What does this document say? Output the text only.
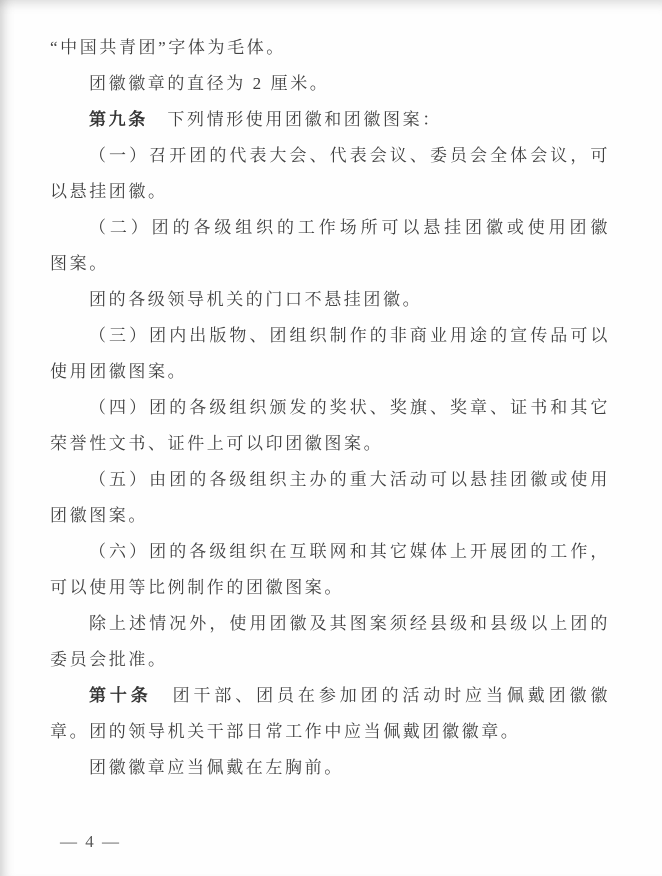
“中国共青团”字体为毛体。
团徽徽章的直径为 2 厘米。
第九条　下列情形使用团徽和团徽图案：
（一）召开团的代表大会、代表会议、委员会全体会议，可
以悬挂团徽。
（二）团的各级组织的工作场所可以悬挂团徽或使用团徽
图案。
团的各级领导机关的门口不悬挂团徽。
（三）团内出版物、团组织制作的非商业用途的宣传品可以
使用团徽图案。
（四）团的各级组织颁发的奖状、奖旗、奖章、证书和其它
荣誉性文书、证件上可以印团徽图案。
（五）由团的各级组织主办的重大活动可以悬挂团徽或使用
团徽图案。
（六）团的各级组织在互联网和其它媒体上开展团的工作，
可以使用等比例制作的团徽图案。
除上述情况外，使用团徽及其图案须经县级和县级以上团的
委员会批准。
第十条　团干部、团员在参加团的活动时应当佩戴团徽徽
章。团的领导机关干部日常工作中应当佩戴团徽徽章。
团徽徽章应当佩戴在左胸前。
— 4 —
